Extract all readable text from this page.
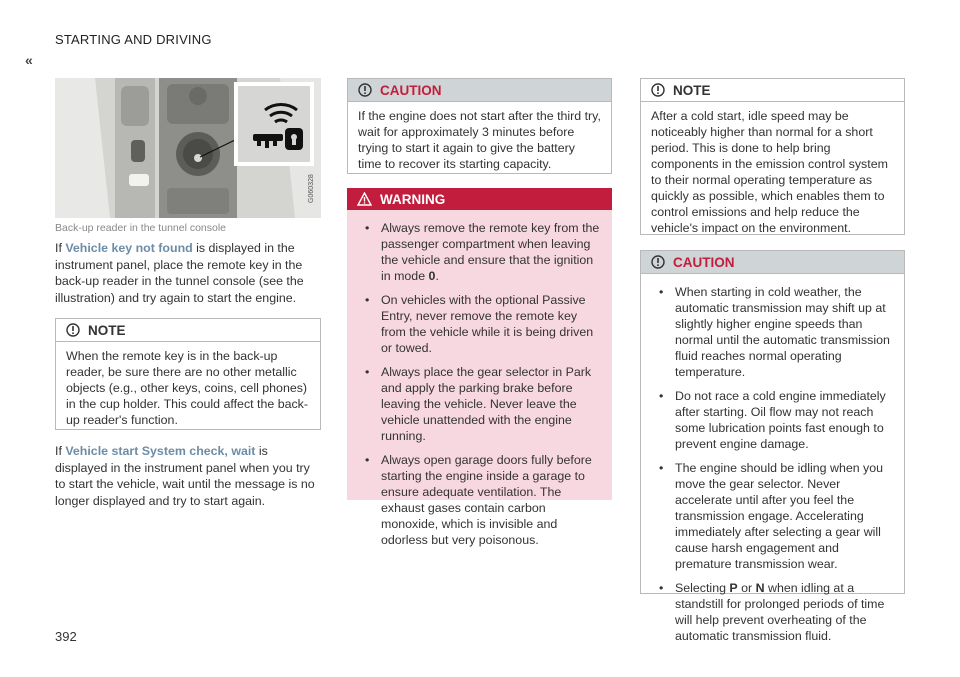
STARTING AND DRIVING
«
G060328
Back-up reader in the tunnel console
If Vehicle key not found is displayed in the instrument panel, place the remote key in the back-up reader in the tunnel console (see the illustration) and try again to start the engine.
NOTE
When the remote key is in the back-up reader, be sure there are no other metallic objects (e.g., other keys, coins, cell phones) in the cup holder. This could affect the back-up reader's function.
If Vehicle start System check, wait is displayed in the instrument panel when you try to start the vehicle, wait until the message is no longer displayed and try to start again.
CAUTION
If the engine does not start after the third try, wait for approximately 3 minutes before trying to start it again to give the battery time to recover its starting capacity.
WARNING
• Always remove the remote key from the passenger compartment when leaving the vehicle and ensure that the ignition in mode 0.
• On vehicles with the optional Passive Entry, never remove the remote key from the vehicle while it is being driven or towed.
• Always place the gear selector in Park and apply the parking brake before leaving the vehicle. Never leave the vehicle unattended with the engine running.
• Always open garage doors fully before starting the engine inside a garage to ensure adequate ventilation. The exhaust gases contain carbon monoxide, which is invisible and odorless but very poisonous.
NOTE
After a cold start, idle speed may be noticeably higher than normal for a short period. This is done to help bring components in the emission control system to their normal operating temperature as quickly as possible, which enables them to control emissions and help reduce the vehicle's impact on the environment.
CAUTION
• When starting in cold weather, the automatic transmission may shift up at slightly higher engine speeds than normal until the automatic transmission fluid reaches normal operating temperature.
• Do not race a cold engine immediately after starting. Oil flow may not reach some lubrication points fast enough to prevent engine damage.
• The engine should be idling when you move the gear selector. Never accelerate until after you feel the transmission engage. Accelerating immediately after selecting a gear will cause harsh engagement and premature transmission wear.
• Selecting P or N when idling at a standstill for prolonged periods of time will help prevent overheating of the automatic transmission fluid.
392
